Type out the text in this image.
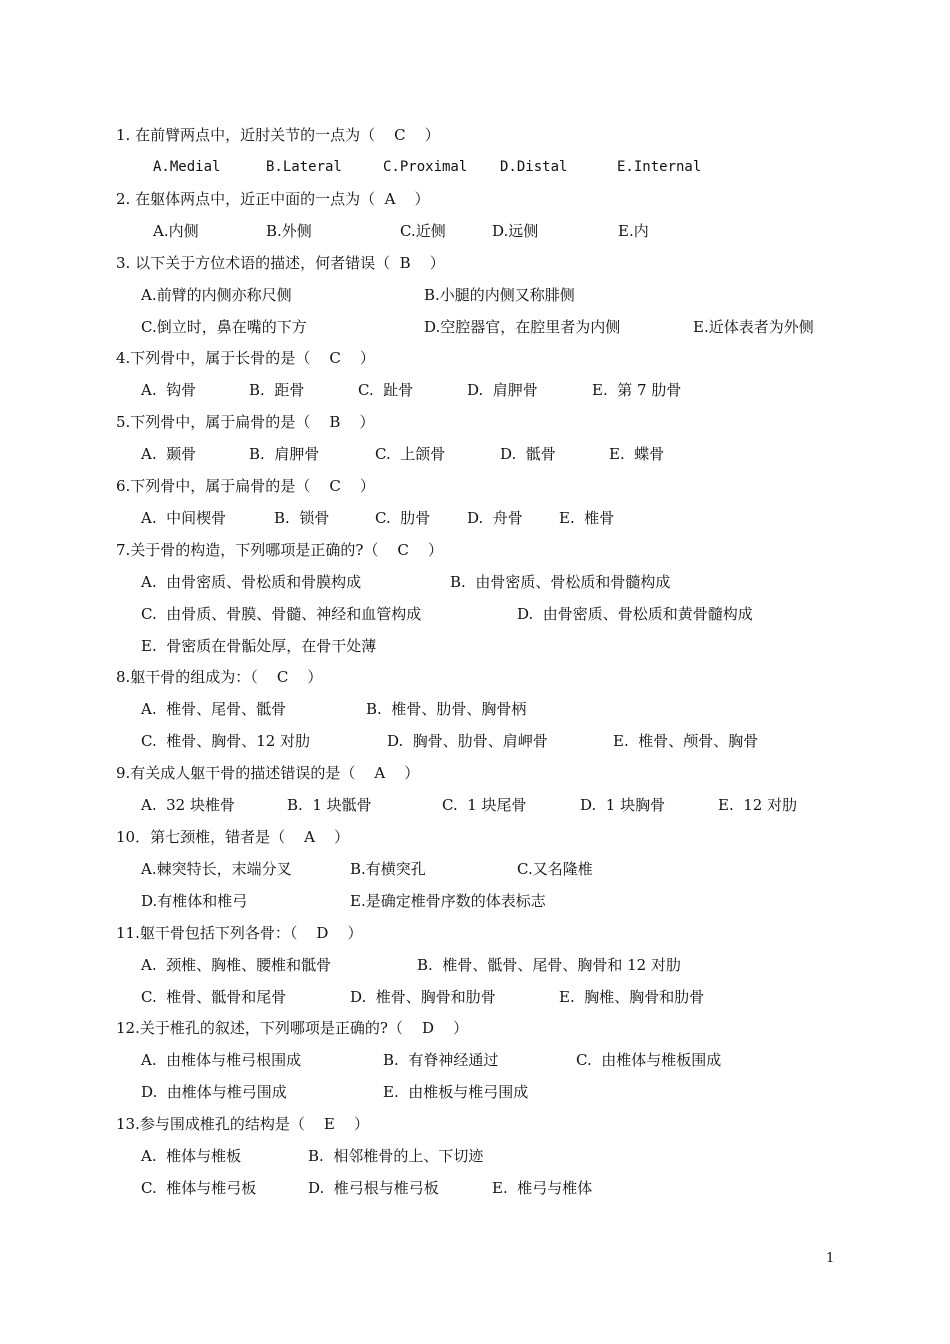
1. 在前臂两点中，近肘关节的一点为（    C    ）
A.Medial	B.Lateral	C.Proximal D.Distal	E.Internal
2. 在躯体两点中，近正中面的一点为（  A    ）
A.内侧	B.外侧	C.近侧	D.远侧	E.内
3. 以下关于方位术语的描述，何者错误（  B    ）
A.前臂的内侧亦称尺侧	B.小腿的内侧又称腓侧
C.倒立时，鼻在嘴的下方	D.空腔器官，在腔里者为内侧	E.近体表者为外侧
4.下列骨中，属于长骨的是（    C    ）
A.  钩骨	B.  距骨	C.  趾骨	D.  肩胛骨	E.  第 7 肋骨
5.下列骨中，属于扁骨的是（    B    ）
A.  颞骨	B.  肩胛骨	C.  上颌骨	D.  骶骨	E.  蝶骨
6.下列骨中，属于扁骨的是（    C    ）
A.  中间楔骨	B.  锁骨	C.  肋骨 D.  舟骨 E.  椎骨
7.关于骨的构造，下列哪项是正确的?（    C    ）
A.  由骨密质、骨松质和骨膜构成	B.  由骨密质、骨松质和骨髓构成
C.  由骨质、骨膜、骨髓、神经和血管构成	D.  由骨密质、骨松质和黄骨髓构成
E.  骨密质在骨骺处厚，在骨干处薄
8.躯干骨的组成为：（    C    ）
A.  椎骨、尾骨、骶骨	B.  椎骨、肋骨、胸骨柄
C.  椎骨、胸骨、12 对肋	D.  胸骨、肋骨、肩岬骨	E.  椎骨、颅骨、胸骨
9.有关成人躯干骨的描述错误的是（    A    ）
A.  32 块椎骨	B.  1 块骶骨	C.  1 块尾骨	D.  1 块胸骨	E.  12 对肋
10．第七颈椎，错者是（    A    ）
A.棘突特长，末端分叉	B.有横突孔	C.又名隆椎
D.有椎体和椎弓	E.是确定椎骨序数的体表标志
11.躯干骨包括下列各骨：（    D    ）
A.  颈椎、胸椎、腰椎和骶骨	B.  椎骨、骶骨、尾骨、胸骨和 12 对肋
C.  椎骨、骶骨和尾骨	D.  椎骨、胸骨和肋骨	E.  胸椎、胸骨和肋骨
12.关于椎孔的叙述，下列哪项是正确的?（    D    ）
A.  由椎体与椎弓根围成	B.  有脊神经通过	C.  由椎体与椎板围成
D.  由椎体与椎弓围成	E.  由椎板与椎弓围成
13.参与围成椎孔的结构是（    E    ）
A.  椎体与椎板	B.  相邻椎骨的上、下切迹
C.  椎体与椎弓板	D.  椎弓根与椎弓板	E.  椎弓与椎体
1
